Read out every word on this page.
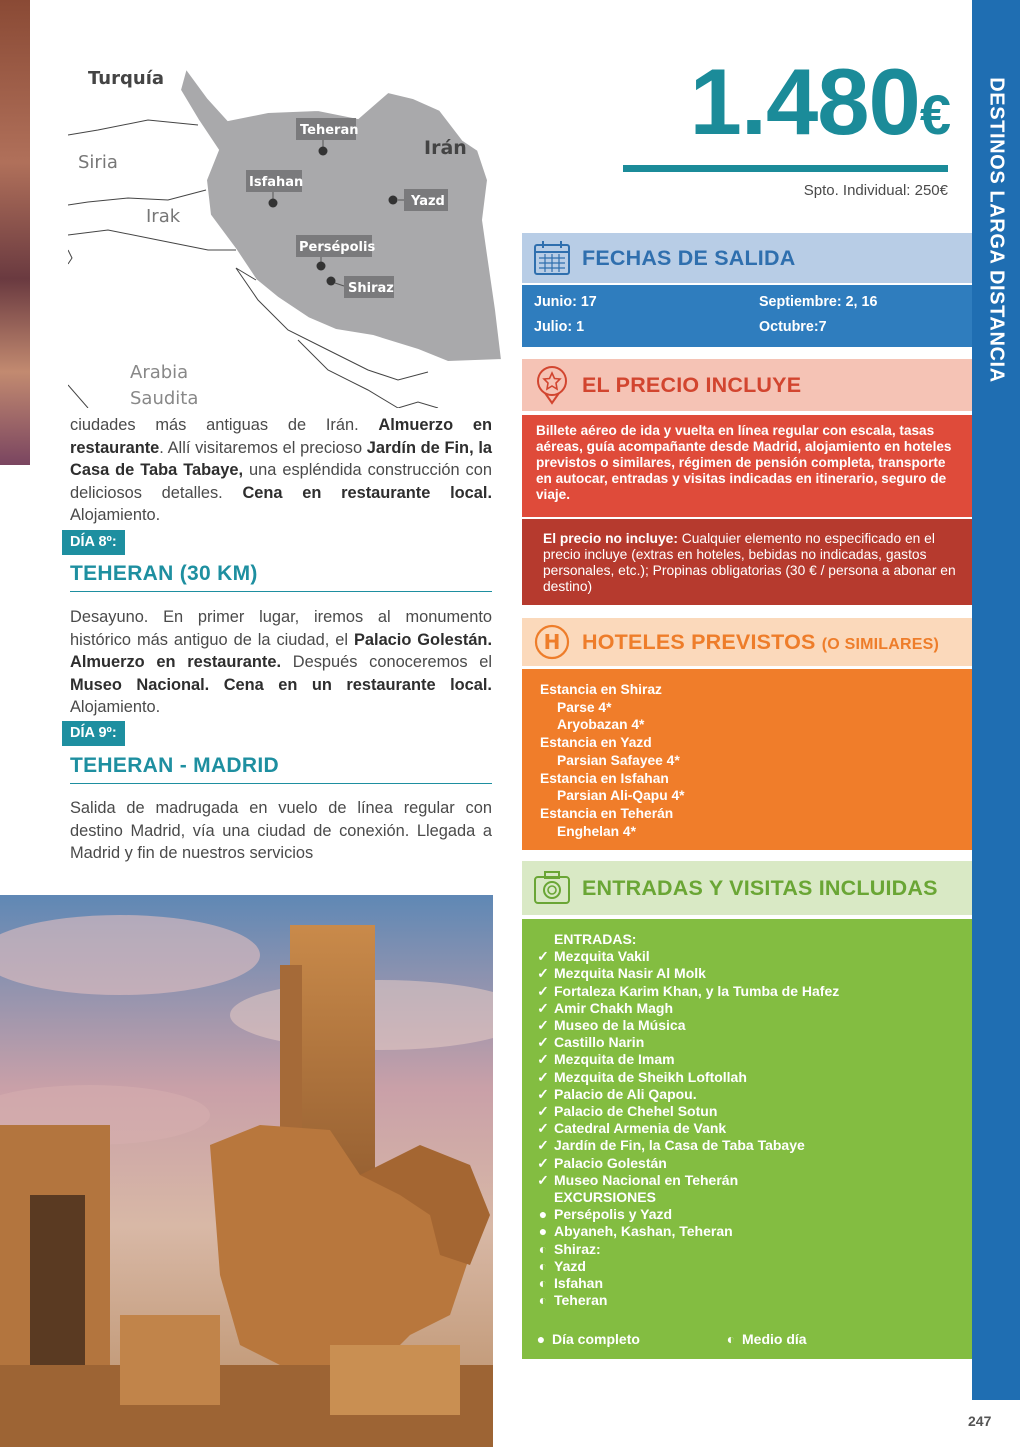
Turquía
Siria
Irak
Irán
Arabia
Saudita
Teheran
Isfahan
Yazd
Persépolis
Shiraz

ciudades más antiguas de Irán. Almuerzo en restaurante. Allí visitaremos el precioso Jardín de Fin, la Casa de Taba Tabaye, una espléndida construcción con deliciosos detalles. Cena en restaurante local. Alojamiento.

DÍA 8º:
TEHERAN (30 KM)

Desayuno. En primer lugar, iremos al monumento histórico más antiguo de la ciudad, el Palacio Golestán. Almuerzo en restaurante. Después conoceremos el Museo Nacional. Cena en un restaurante local. Alojamiento.

DÍA 9º:
TEHERAN - MADRID

Salida de madrugada en vuelo de línea regular con destino Madrid, vía una ciudad de conexión. Llegada a Madrid y fin de nuestros servicios

1.480€
Spto. Individual: 250€ DESTINOS LARGA DISTANCIA
247
FECHAS DE SALIDA
Junio: 17	Septiembre: 2, 16
Julio: 1	Octubre:7
EL PRECIO INCLUYE
Billete aéreo de ida y vuelta en línea regular con escala, tasas aéreas, guía acompañante desde Madrid, alojamiento en hoteles previstos o similares, régimen de pensión completa, transporte en autocar, entradas y visitas indicadas en itinerario, seguro de viaje.
El precio no incluye: Cualquier elemento no especificado en el precio incluye (extras en hoteles, bebidas no indicadas, gastos personales, etc.); Propinas obligatorias (30 € / persona a abonar en destino)
H HOTELES PREVISTOS (O SIMILARES)
Estancia en Shiraz
Parse 4*
Aryobazan 4*
Estancia en Yazd
Parsian Safayee 4*
Estancia en Isfahan
Parsian Ali-Qapu 4*
Estancia en Teherán
Enghelan 4*
ENTRADAS Y VISITAS INCLUIDAS
ENTRADAS:
✓ Mezquita Vakil
✓ Mezquita Nasir Al Molk
✓ Fortaleza Karim Khan, y la Tumba de Hafez
✓ Amir Chakh Magh
✓ Museo de la Música
✓ Castillo Narin
✓ Mezquita de Imam
✓ Mezquita de Sheikh Loftollah
✓ Palacio de Ali Qapou.
✓ Palacio de Chehel Sotun
✓ Catedral Armenia de Vank
✓ Jardín de Fin, la Casa de Taba Tabaye
✓ Palacio Golestán
✓ Museo Nacional en Teherán
EXCURSIONES
● Persépolis y Yazd
● Abyaneh, Kashan, Teheran
◐ Shiraz:
◐ Yazd
◐ Isfahan
◐ Teheran
● Día completo	◐ Medio día
